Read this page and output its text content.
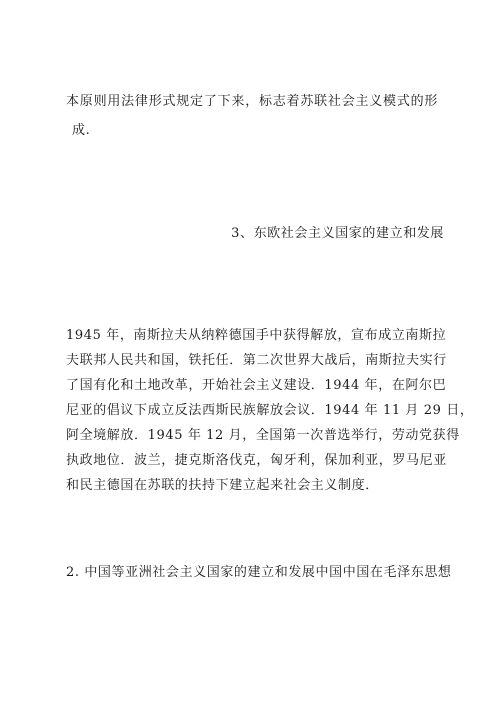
本原则用法律形式规定了下来，标志着苏联社会主义模式的形
成.
3、东欧社会主义国家的建立和发展
1945 年，南斯拉夫从纳粹德国手中获得解放，宣布成立南斯拉
夫联邦人民共和国，铁托任．第二次世界大战后，南斯拉夫实行
了国有化和土地改革，开始社会主义建设．1944 年，在阿尔巴
尼亚的倡议下成立反法西斯民族解放会议．1944 年 11 月 29 日，
阿全境解放．1945 年 12 月，全国第一次普选举行，劳动党获得
执政地位．波兰，捷克斯洛伐克，匈牙利，保加利亚，罗马尼亚
和民主德国在苏联的扶持下建立起来社会主义制度．
2. 中国等亚洲社会主义国家的建立和发展中国中国在毛泽东思想
